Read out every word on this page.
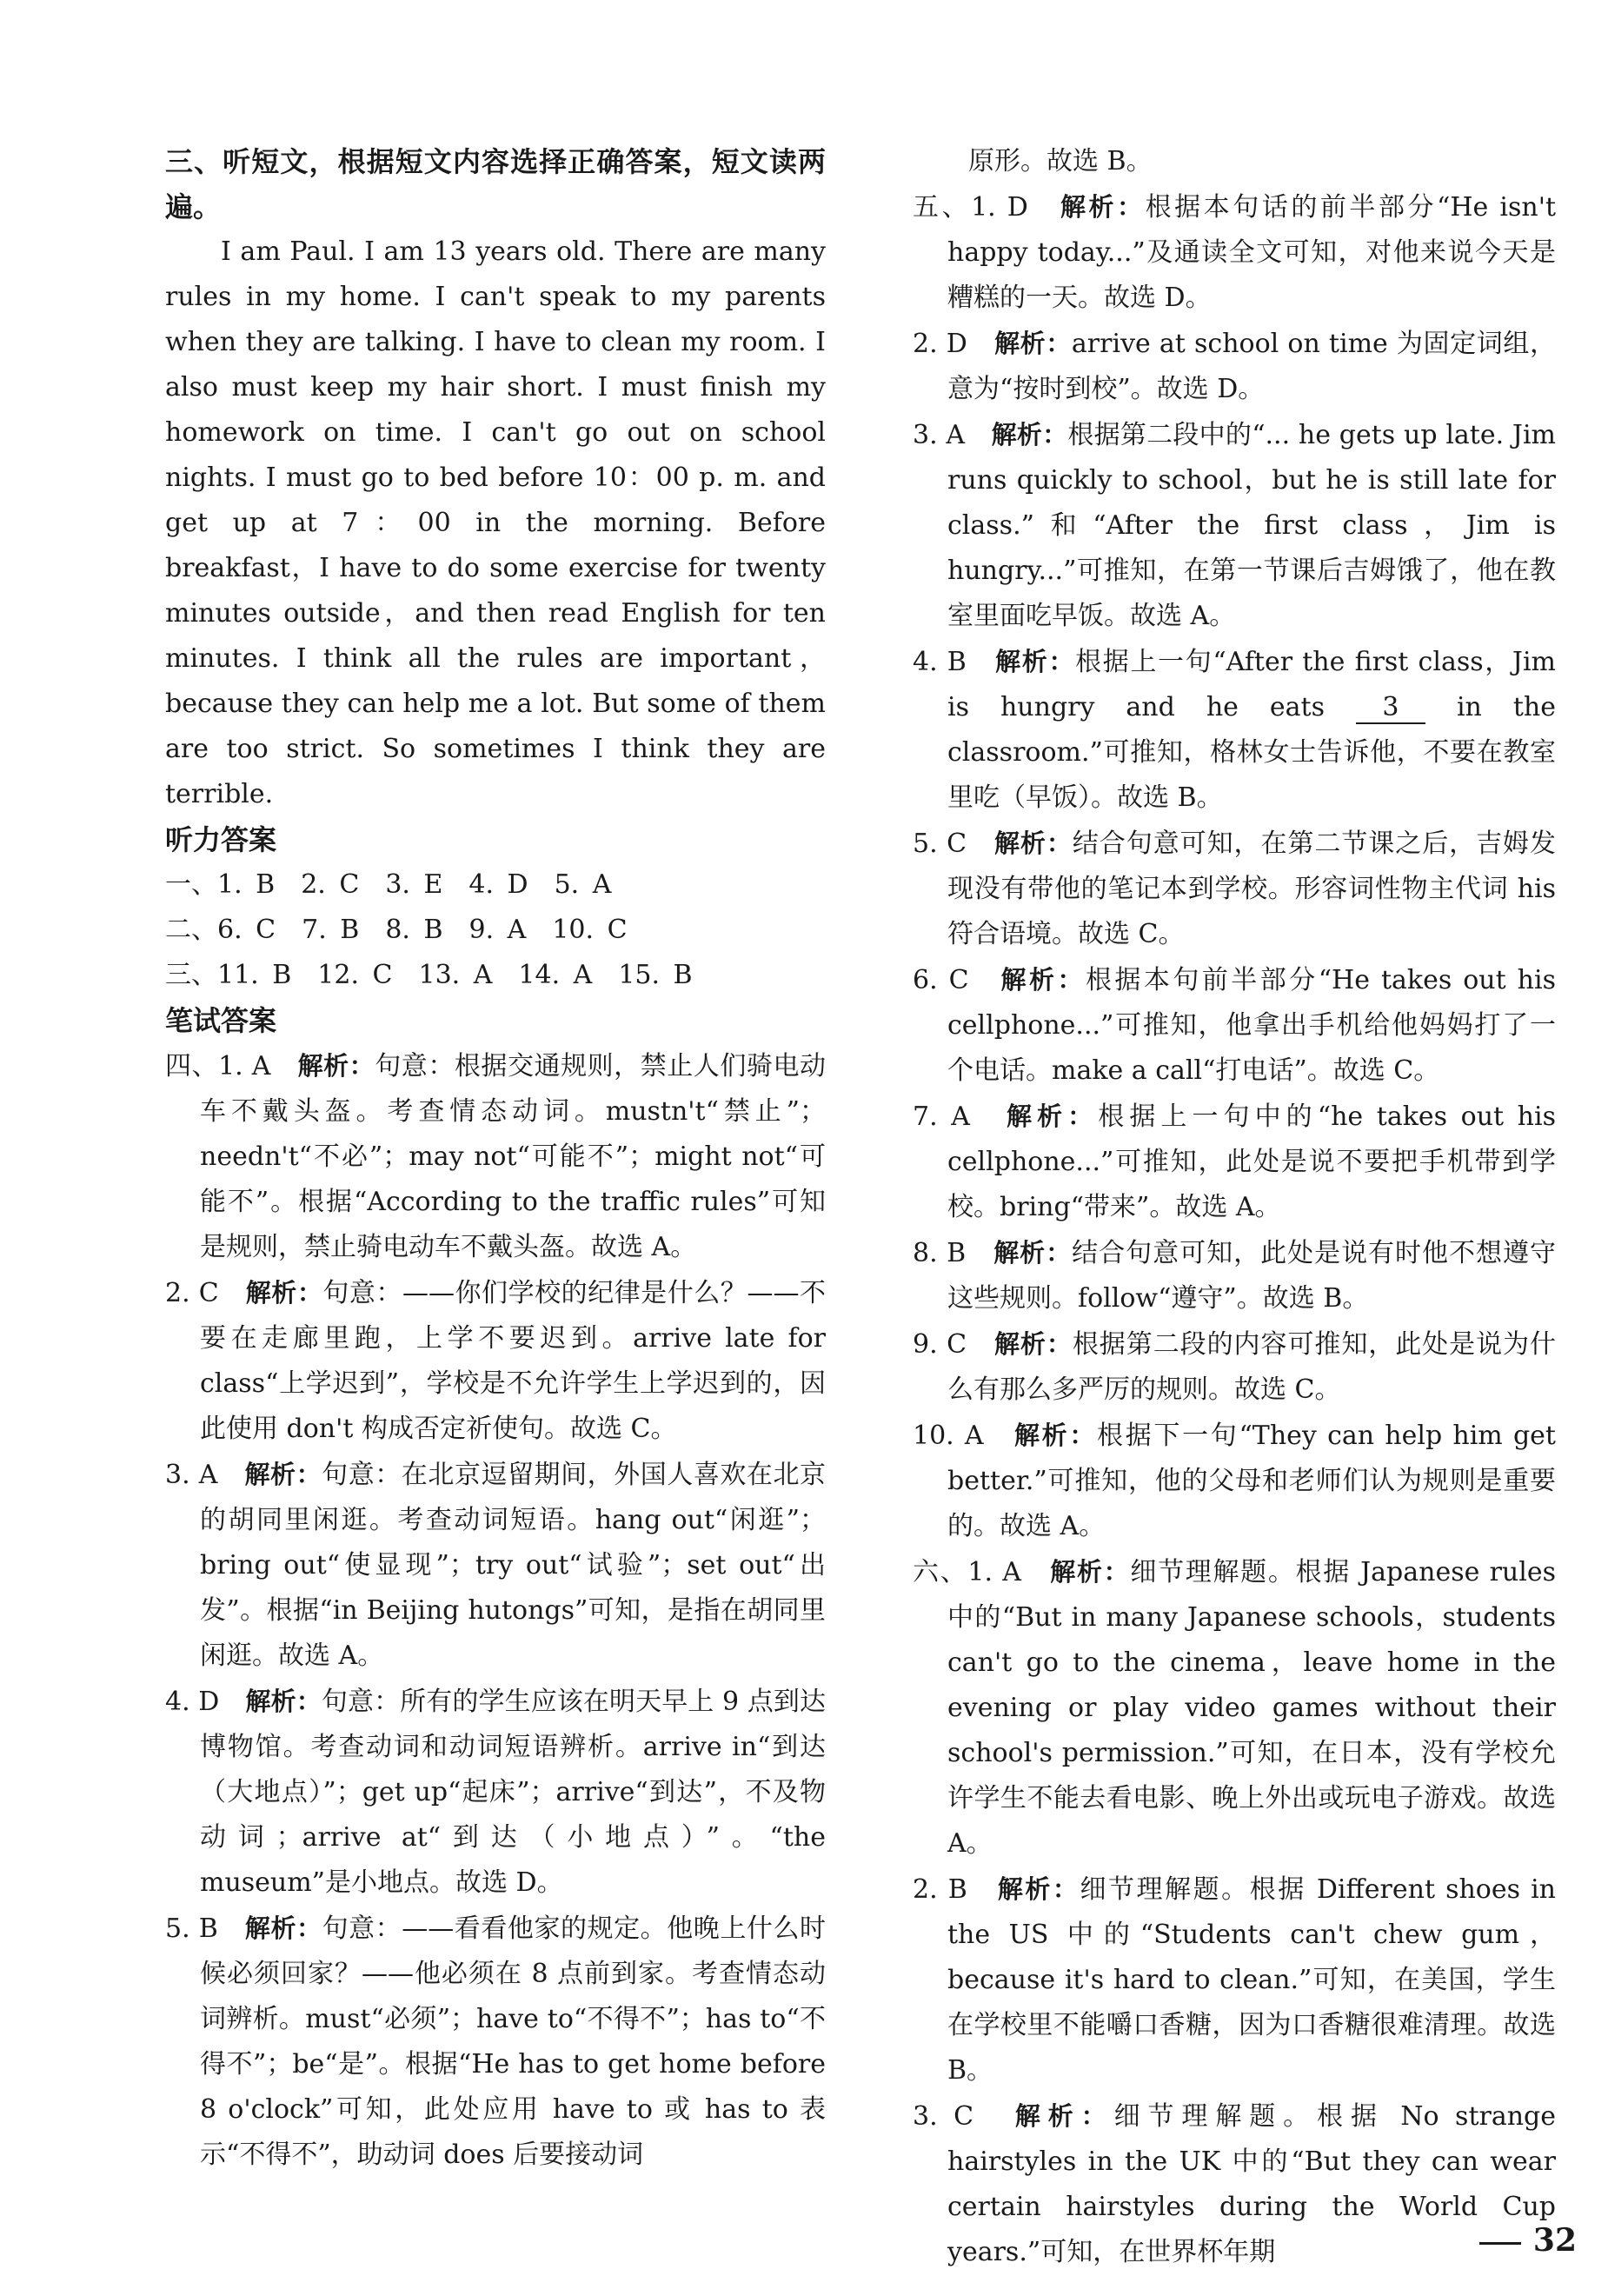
三、听短文，根据短文内容选择正确答案，短文读两遍。

I am Paul. I am 13 years old. There are many rules in my home. I can't speak to my parents when they are talking. I have to clean my room. I also must keep my hair short. I must finish my homework on time. I can't go out on school nights. I must go to bed before 10：00 p. m. and get up at 7：00 in the morning. Before breakfast，I have to do some exercise for twenty minutes outside，and then read English for ten minutes. I think all the rules are important，because they can help me a lot. But some of them are too strict. So sometimes I think they are terrible.

听力答案

一、1. B　2. C　3. E　4. D　5. A

二、6. C　7. B　8. B　9. A　10. C

三、11. B　12. C　13. A　14. A　15. B

笔试答案

四、1. A　 解析：句意：根据交通规则，禁止人们骑电动车不戴头盔。考查情态动词。mustn't“禁止”；needn't“不必”；may not“可能不”；might not“可能不”。根据“According to the traffic rules”可知是规则，禁止骑电动车不戴头盔。故选 A。

2. C　 解析：句意：——你们学校的纪律是什么？——不要在走廊里跑，上学不要迟到。arrive late for class“上学迟到”，学校是不允许学生上学迟到的，因此使用 don't 构成否定祈使句。故选 C。

3. A　 解析：句意：在北京逗留期间，外国人喜欢在北京的胡同里闲逛。考查动词短语。hang out“闲逛”；bring out“使显现”；try out“试验”；set out“出发”。根据“in Beijing hutongs”可知，是指在胡同里闲逛。故选 A。

4. D　 解析：句意：所有的学生应该在明天早上 9 点到达博物馆。考查动词和动词短语辨析。arrive in“到达（大地点）”；get up“起床”；arrive“到达”，不及物动词；arrive at“到达（小地点）”。“the museum”是小地点。故选 D。

5. B　 解析：句意：——看看他家的规定。他晚上什么时候必须回家？——他必须在 8 点前到家。考查情态动词辨析。must“必须”；have to“不得不”；has to“不得不”；be“是”。根据“He has to get home before 8 o'clock”可知，此处应用 have to 或 has to 表示“不得不”，助动词 does 后要接动词

原形。故选 B。

五、1. D　 解析：根据本句话的前半部分“He isn't happy today...”及通读全文可知，对他来说今天是糟糕的一天。故选 D。

2. D　 解析：arrive at school on time 为固定词组，意为“按时到校”。故选 D。

3. A　 解析：根据第二段中的“... he gets up late. Jim runs quickly to school，but he is still late for class.”和“After the first class，Jim is hungry...”可推知，在第一节课后吉姆饿了，他在教室里面吃早饭。故选 A。

4. B　 解析：根据上一句“After the first class，Jim is hungry and he eats 3 in the classroom.”可推知，格林女士告诉他，不要在教室里吃（早饭）。故选 B。

5. C　 解析：结合句意可知，在第二节课之后，吉姆发现没有带他的笔记本到学校。形容词性物主代词 his 符合语境。故选 C。

6. C　 解析：根据本句前半部分“He takes out his cellphone...”可推知，他拿出手机给他妈妈打了一个电话。make a call“打电话”。故选 C。

7. A　 解析：根据上一句中的“he takes out his cellphone...”可推知，此处是说不要把手机带到学校。bring“带来”。故选 A。

8. B　 解析：结合句意可知，此处是说有时他不想遵守这些规则。follow“遵守”。故选 B。

9. C　 解析：根据第二段的内容可推知，此处是说为什么有那么多严厉的规则。故选 C。

10. A　 解析：根据下一句“They can help him get better.”可推知，他的父母和老师们认为规则是重要的。故选 A。

六、1. A　 解析：细节理解题。根据 Japanese rules 中的“But in many Japanese schools，students can't go to the cinema，leave home in the evening or play video games without their school's permission.”可知，在日本，没有学校允许学生不能去看电影、晚上外出或玩电子游戏。故选 A。

2. B　 解析：细节理解题。根据 Different shoes in the US 中的“Students can't chew gum，because it's hard to clean.”可知，在美国，学生在学校里不能嚼口香糖，因为口香糖很难清理。故选 B。

3. C　 解析：细节理解题。根据 No strange hairstyles in the UK 中的“But they can wear certain hairstyles during the World Cup years.”可知，在世界杯年期	32
